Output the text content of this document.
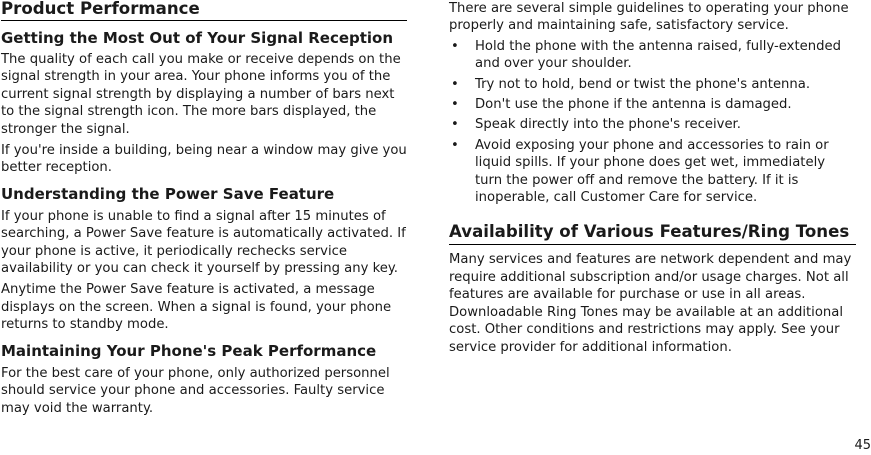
Product Performance
Getting the Most Out of Your Signal Reception

The quality of each call you make or receive depends on the signal strength in your area. Your phone informs you of the current signal strength by displaying a number of bars next to the signal strength icon. The more bars displayed, the stronger the signal.

If you're inside a building, being near a window may give you better reception.

Understanding the Power Save Feature

If your phone is unable to find a signal after 15 minutes of searching, a Power Save feature is automatically activated. If your phone is active, it periodically rechecks service availability or you can check it yourself by pressing any key.

Anytime the Power Save feature is activated, a message displays on the screen. When a signal is found, your phone returns to standby mode.

Maintaining Your Phone's Peak Performance

For the best care of your phone, only authorized personnel should service your phone and accessories. Faulty service may void the warranty.

There are several simple guidelines to operating your phone properly and maintaining safe, satisfactory service.

• Hold the phone with the antenna raised, fully-extended and over your shoulder.
• Try not to hold, bend or twist the phone's antenna.
• Don't use the phone if the antenna is damaged.
• Speak directly into the phone's receiver.
• Avoid exposing your phone and accessories to rain or liquid spills. If your phone does get wet, immediately turn the power off and remove the battery. If it is inoperable, call Customer Care for service.
Availability of Various Features/Ring Tones

Many services and features are network dependent and may require additional subscription and/or usage charges. Not all features are available for purchase or use in all areas. Downloadable Ring Tones may be available at an additional cost. Other conditions and restrictions may apply. See your service provider for additional information.

45
